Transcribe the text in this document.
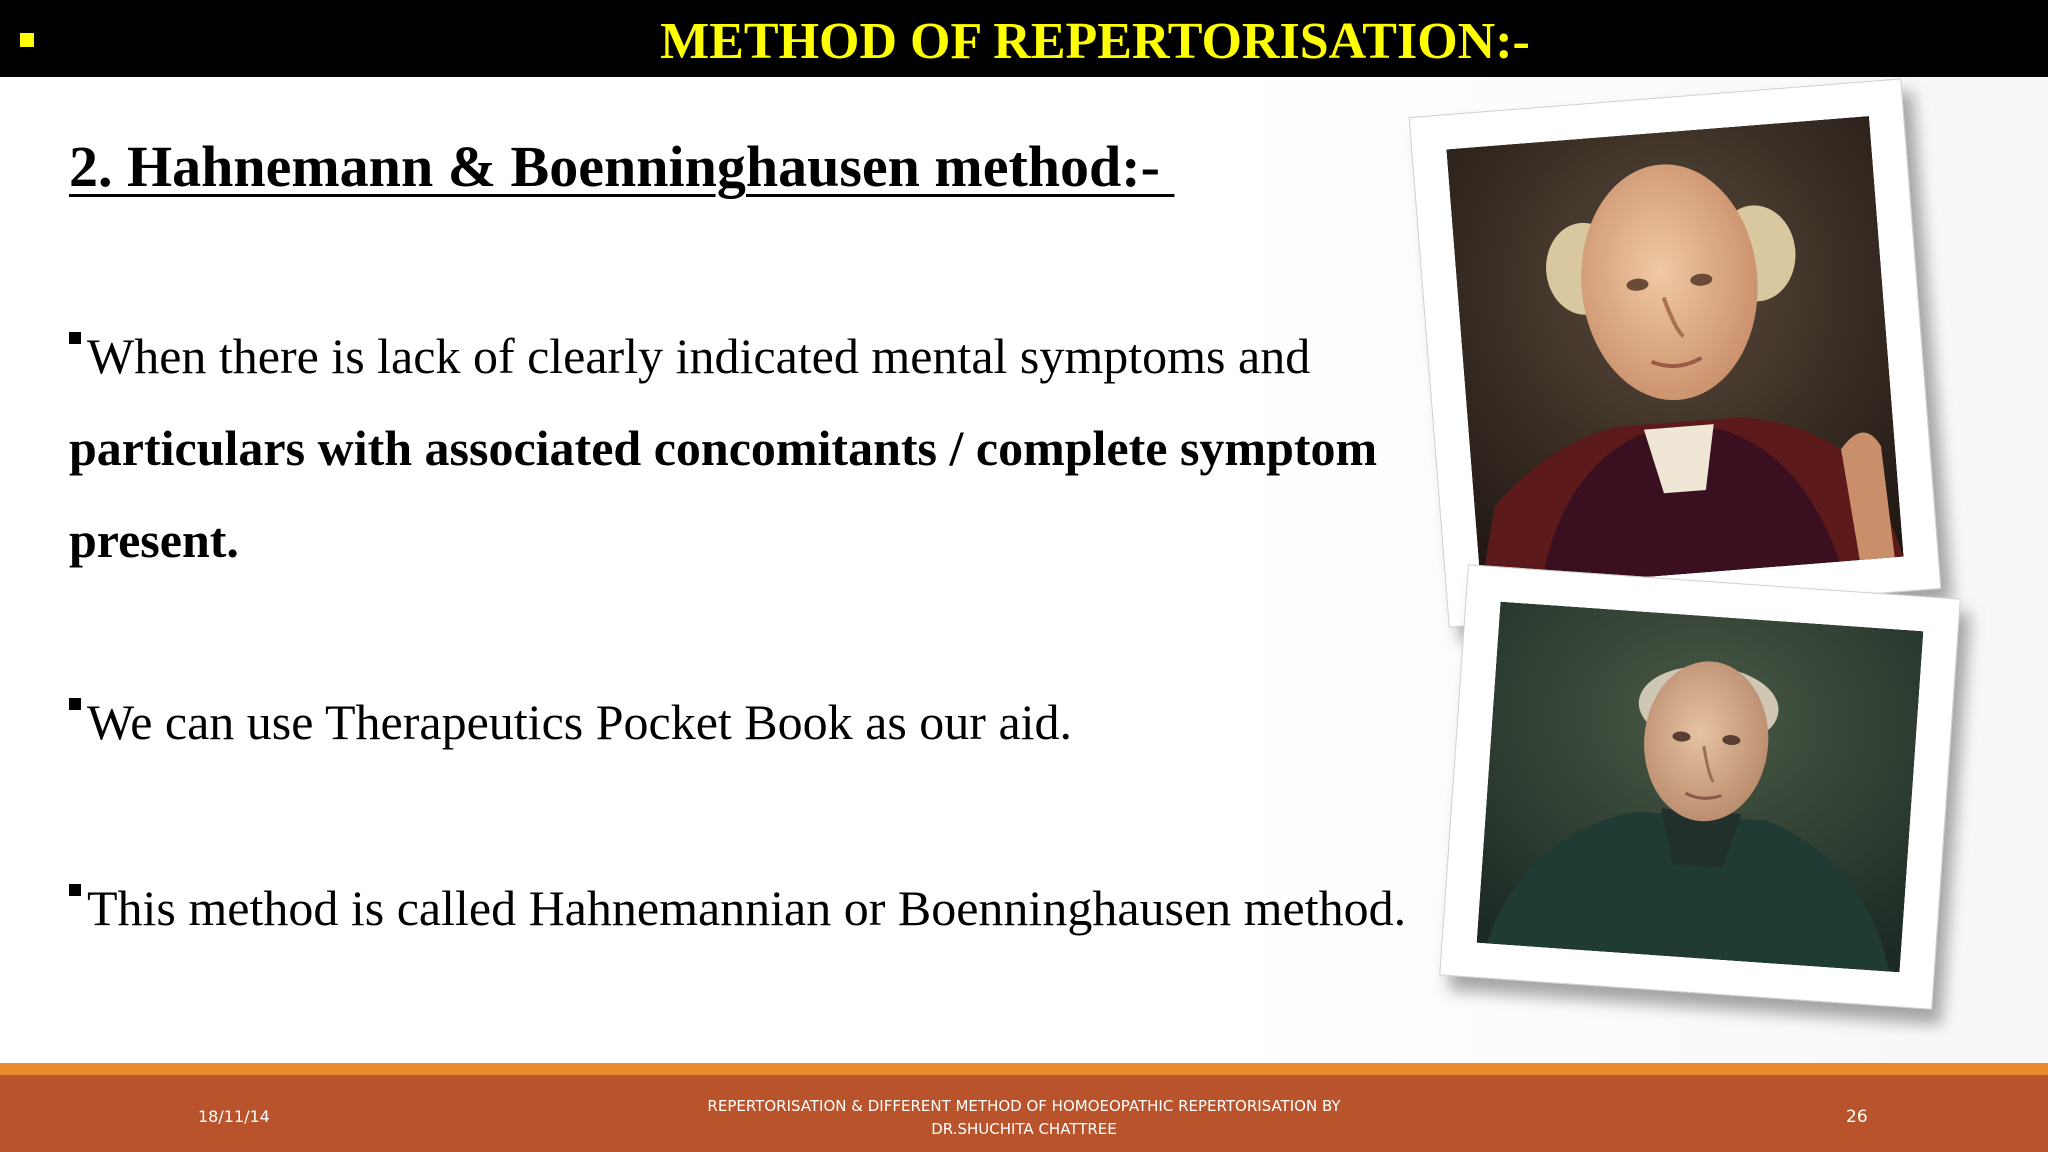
METHOD OF REPERTORISATION:-
2. Hahnemann & Boenninghausen method:-
When there is lack of clearly indicated mental symptoms and
particulars with associated concomitants / complete symptom
present.
We can use Therapeutics Pocket Book as our aid.
This method is called Hahnemannian or Boenninghausen method.
18/11/14
REPERTORISATION & DIFFERENT METHOD OF HOMOEOPATHIC REPERTORISATION BY
DR.SHUCHITA CHATTREE
26
